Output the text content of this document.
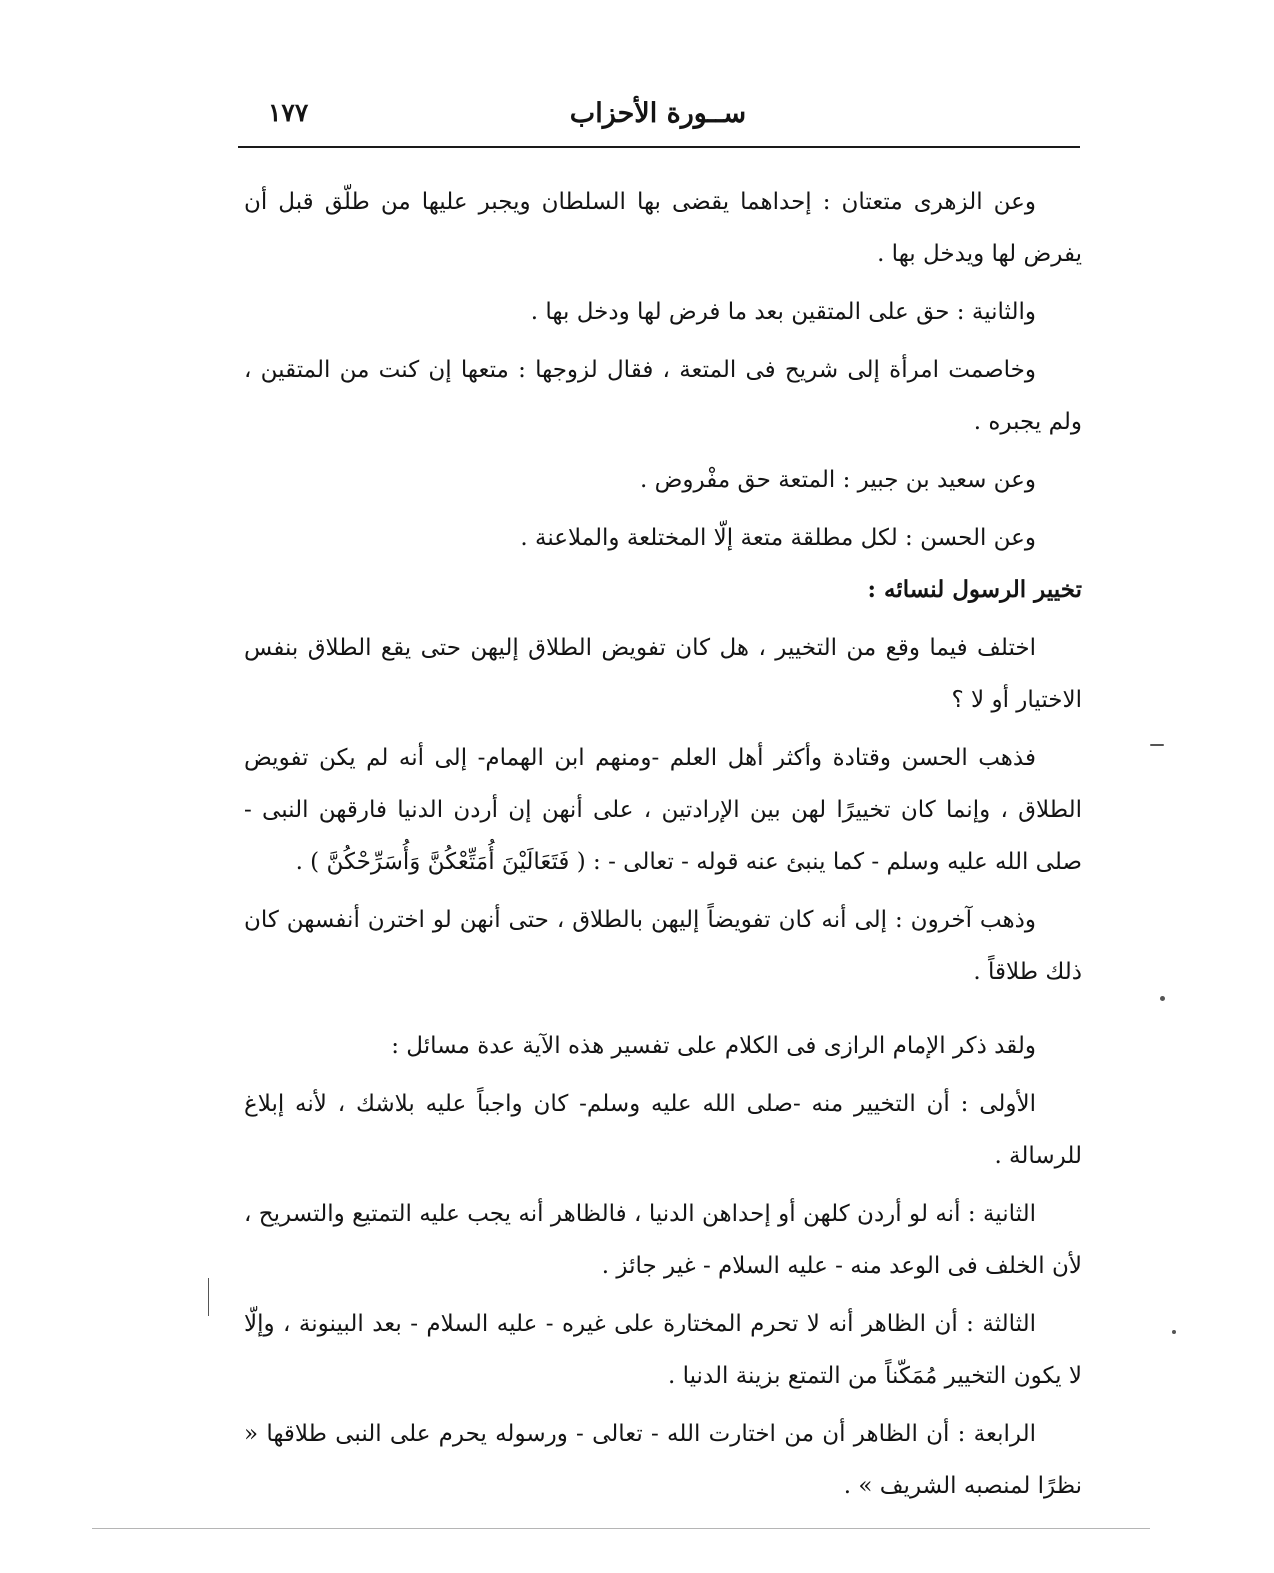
ســورة الأحزاب
١٧٧

وعن الزهرى متعتان : إحداهما يقضى بها السلطان ويجبر عليها من طلّق قبل أن يفرض لها ويدخل بها .

والثانية : حق على المتقين بعد ما فرض لها ودخل بها .

وخاصمت امرأة إلى شريح فى المتعة ، فقال لزوجها : متعها إن كنت من المتقين ، ولم يجبره .

وعن سعيد بن جبير : المتعة حق مفْروض .

وعن الحسن : لكل مطلقة متعة إلّا المختلعة والملاعنة .

تخيير الرسول لنسائه :

اختلف فيما وقع من التخيير ، هل كان تفويض الطلاق إليهن حتى يقع الطلاق بنفس الاختيار أو لا ؟

فذهب الحسن وقتادة وأكثر أهل العلم -ومنهم ابن الهمام- إلى أنه لم يكن تفويض الطلاق ، وإنما كان تخييرًا لهن بين الإرادتين ، على أنهن إن أردن الدنيا فارقهن النبى - صلى الله عليه وسلم - كما ينبئ عنه قوله - تعالى - : ( فَتَعَالَيْنَ أُمَتِّعْكُنَّ وَأُسَرِّحْكُنَّ ) .

وذهب آخرون : إلى أنه كان تفويضاً إليهن بالطلاق ، حتى أنهن لو اخترن أنفسهن كان ذلك طلاقاً .

ولقد ذكر الإمام الرازى فى الكلام على تفسير هذه الآية عدة مسائل :

الأولى : أن التخيير منه -صلى الله عليه وسلم- كان واجباً عليه بلاشك ، لأنه إبلاغ للرسالة .

الثانية : أنه لو أردن كلهن أو إحداهن الدنيا ، فالظاهر أنه يجب عليه التمتيع والتسريح ، لأن الخلف فى الوعد منه - عليه السلام - غير جائز .

الثالثة : أن الظاهر أنه لا تحرم المختارة على غيره - عليه السلام - بعد البينونة ، وإلّا لا يكون التخيير مُمَكّناً من التمتع بزينة الدنيا .

الرابعة : أن الظاهر أن من اختارت الله - تعالى - ورسوله يحرم على النبى طلاقها « نظرًا لمنصبه الشريف » .
